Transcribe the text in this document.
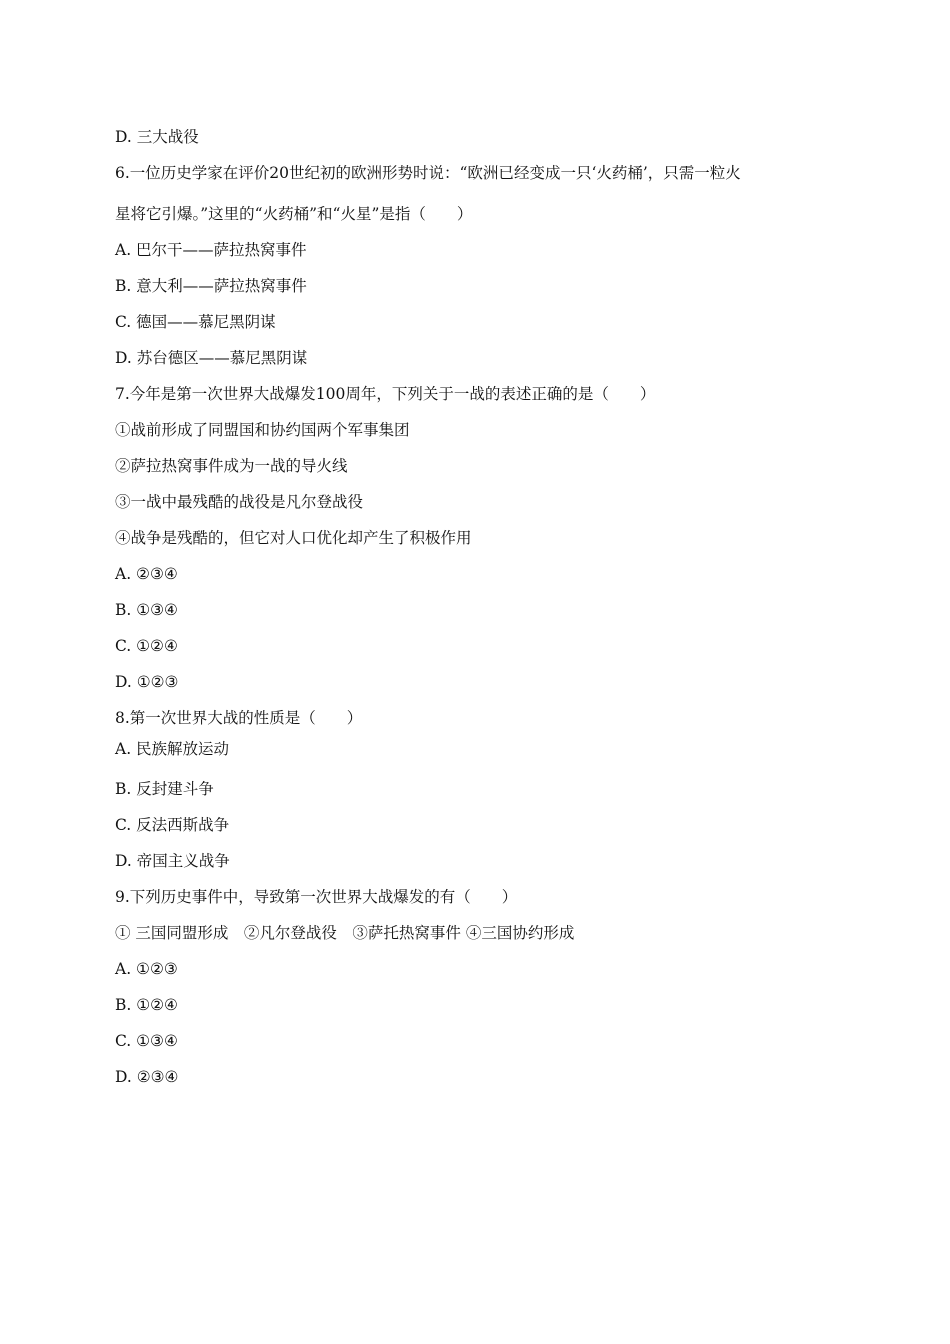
D. 三大战役
6.一位历史学家在评价20世纪初的欧洲形势时说：“欧洲已经变成一只‘火药桶’，只需一粒火
星将它引爆。”这里的“火药桶”和“火星”是指（　　）
A. 巴尔干——萨拉热窝事件
B. 意大利——萨拉热窝事件
C. 德国——慕尼黑阴谋
D. 苏台德区——慕尼黑阴谋
7.今年是第一次世界大战爆发100周年，下列关于一战的表述正确的是（　　）
①战前形成了同盟国和协约国两个军事集团
②萨拉热窝事件成为一战的导火线
③一战中最残酷的战役是凡尔登战役
④战争是残酷的，但它对人口优化却产生了积极作用
A. ②③④
B. ①③④
C. ①②④
D. ①②③
8.第一次世界大战的性质是（　　）
A. 民族解放运动
B. 反封建斗争
C. 反法西斯战争
D. 帝国主义战争
9.下列历史事件中，导致第一次世界大战爆发的有（　　）
① 三国同盟形成　②凡尔登战役　③萨托热窝事件 ④三国协约形成
A. ①②③
B. ①②④
C. ①③④
D. ②③④
